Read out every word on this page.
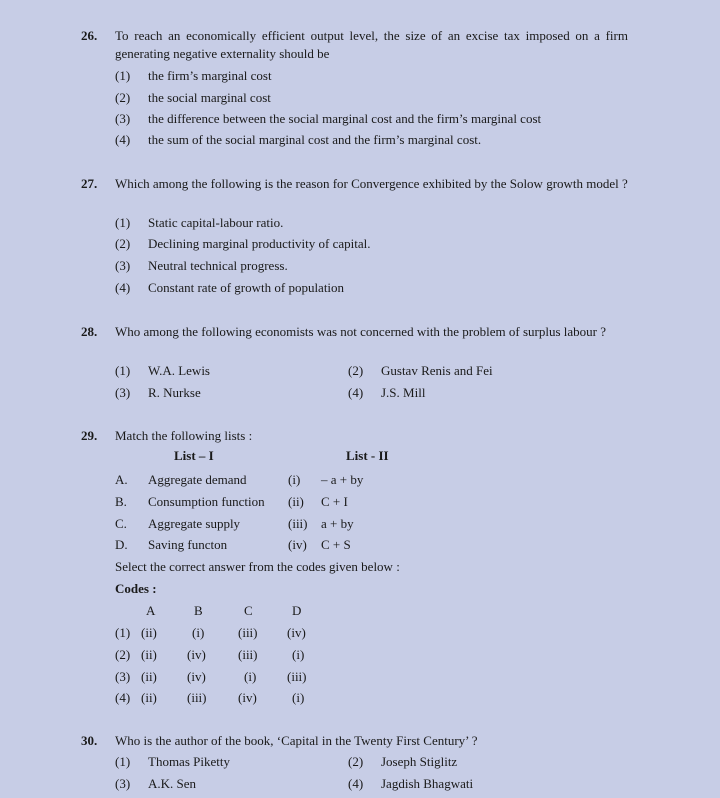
26. To reach an economically efficient output level, the size of an excise tax imposed on a firm generating negative externality should be
(1) the firm’s marginal cost
(2) the social marginal cost
(3) the difference between the social marginal cost and the firm’s marginal cost
(4) the sum of the social marginal cost and the firm’s marginal cost.
27. Which among the following is the reason for Convergence exhibited by the Solow growth model ?
(1) Static capital-labour ratio.
(2) Declining marginal productivity of capital.
(3) Neutral technical progress.
(4) Constant rate of growth of population
28. Who among the following economists was not concerned with the problem of surplus labour ?
(1) W.A. Lewis	(2) Gustav Renis and Fei
(3) R. Nurkse	(4) J.S. Mill
29. Match the following lists :
List – I	List - II
A. Aggregate demand	(i) – a + by
B. Consumption function (ii) C + I
C. Aggregate supply	(iii) a + by
D. Saving functon	(iv) C + S
Select the correct answer from the codes given below :
Codes :
A	B	C	D
(1) (ii)	(i)	(iii) (iv)
(2) (ii) (iv) (iii)	(i)
(3) (ii) (iv)	(i) (iii)
(4) (ii) (iii) (iv)	(i)
30. Who is the author of the book, ‘Capital in the Twenty First Century’ ?
(1) Thomas Piketty	(2) Joseph Stiglitz
(3) A.K. Sen	(4) Jagdish Bhagwati
